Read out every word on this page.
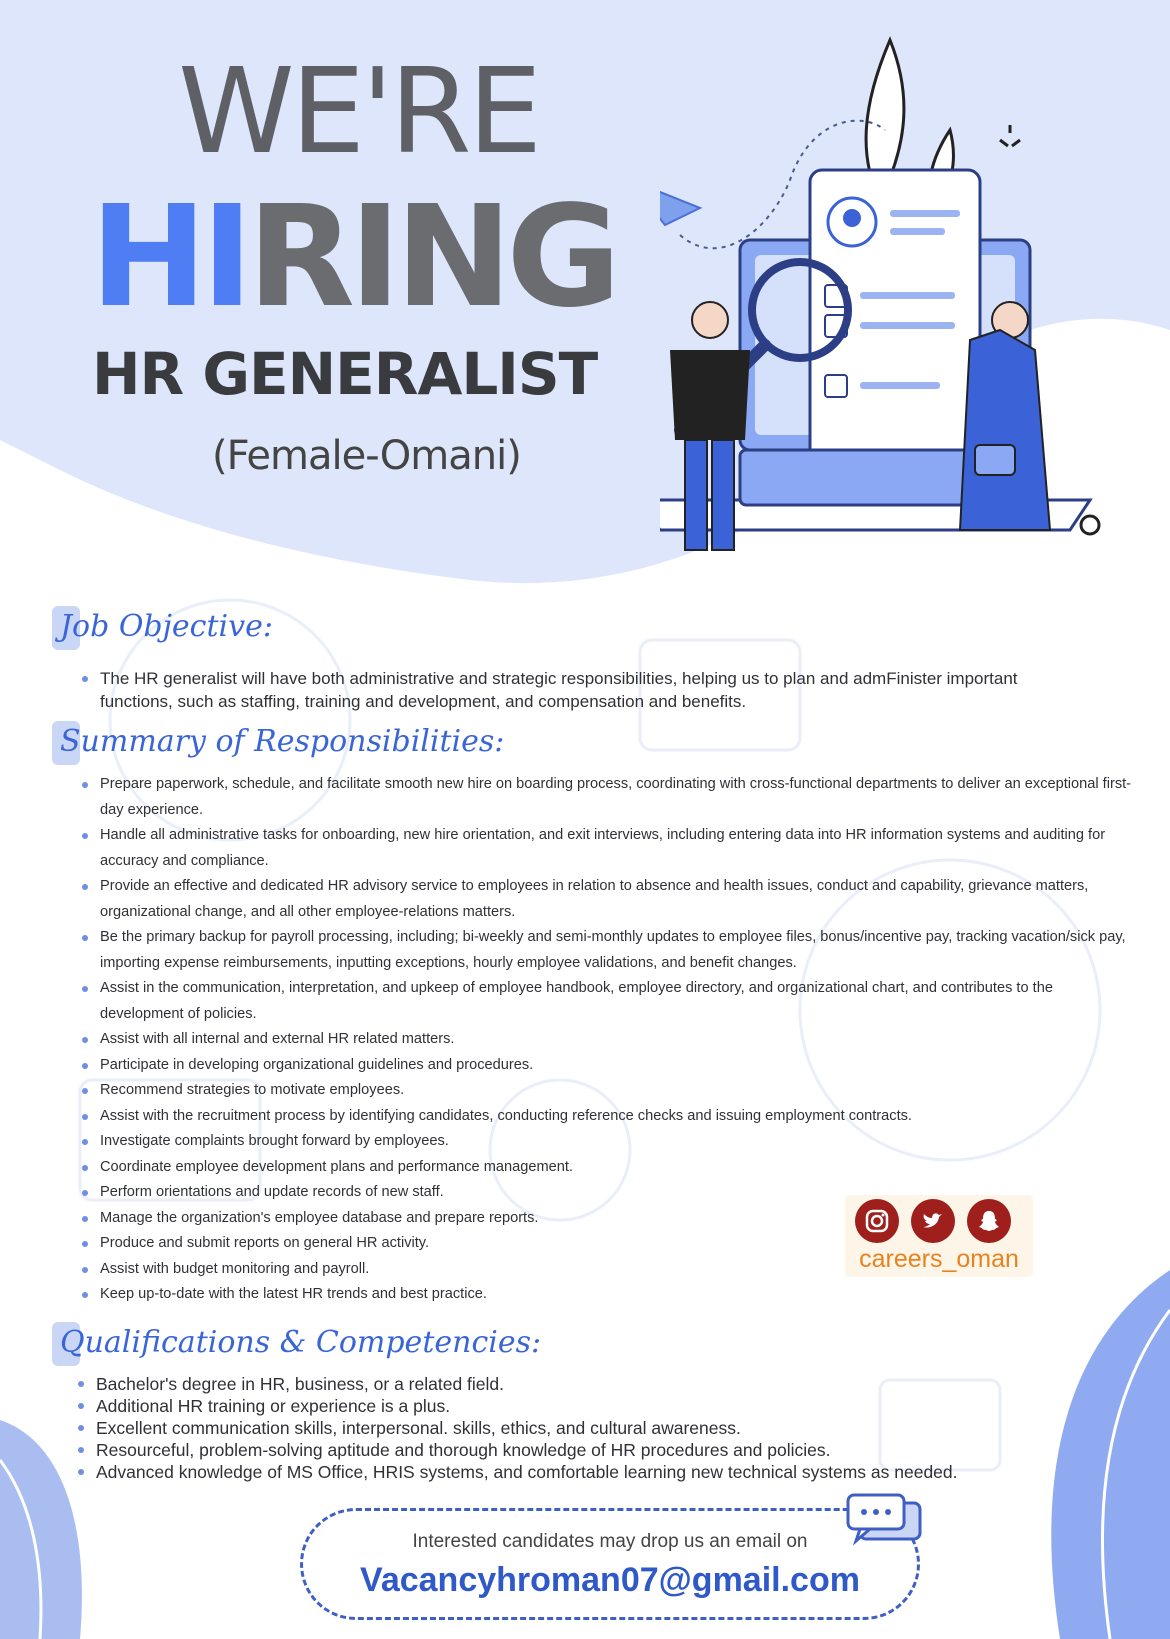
WE'RE
HIRING
HR GENERALIST
(Female-Omani)
Job Objective:
The HR generalist will have both administrative and strategic responsibilities, helping us to plan and admFinister important functions, such as staffing, training and development, and compensation and benefits.
Summary of Responsibilities:
Prepare paperwork, schedule, and facilitate smooth new hire on boarding process, coordinating with cross-functional departments to deliver an exceptional first-day experience.
Handle all administrative tasks for onboarding, new hire orientation, and exit interviews, including entering data into HR information systems and auditing for accuracy and compliance.
Provide an effective and dedicated HR advisory service to employees in relation to absence and health issues, conduct and capability, grievance matters, organizational change, and all other employee-relations matters.
Be the primary backup for payroll processing, including; bi-weekly and semi-monthly updates to employee files, bonus/incentive pay, tracking vacation/sick pay, importing expense reimbursements, inputting exceptions, hourly employee validations, and benefit changes.
Assist in the communication, interpretation, and upkeep of employee handbook, employee directory, and organizational chart, and contributes to the development of policies.
Assist with all internal and external HR related matters.
Participate in developing organizational guidelines and procedures.
Recommend strategies to motivate employees.
Assist with the recruitment process by identifying candidates, conducting reference checks and issuing employment contracts.
Investigate complaints brought forward by employees.
Coordinate employee development plans and performance management.
Perform orientations and update records of new staff.
Manage the organization's employee database and prepare reports.
Produce and submit reports on general HR activity.
Assist with budget monitoring and payroll.
Keep up-to-date with the latest HR trends and best practice.
careers_oman
Qualifications & Competencies:
Bachelor's degree in HR, business, or a related field.
Additional HR training or experience is a plus.
Excellent communication skills, interpersonal. skills, ethics, and cultural awareness.
Resourceful, problem-solving aptitude and thorough knowledge of HR procedures and policies.
Advanced knowledge of MS Office, HRIS systems, and comfortable learning new technical systems as needed.
Interested candidates may drop us an email on
Vacancyhroman07@gmail.com
